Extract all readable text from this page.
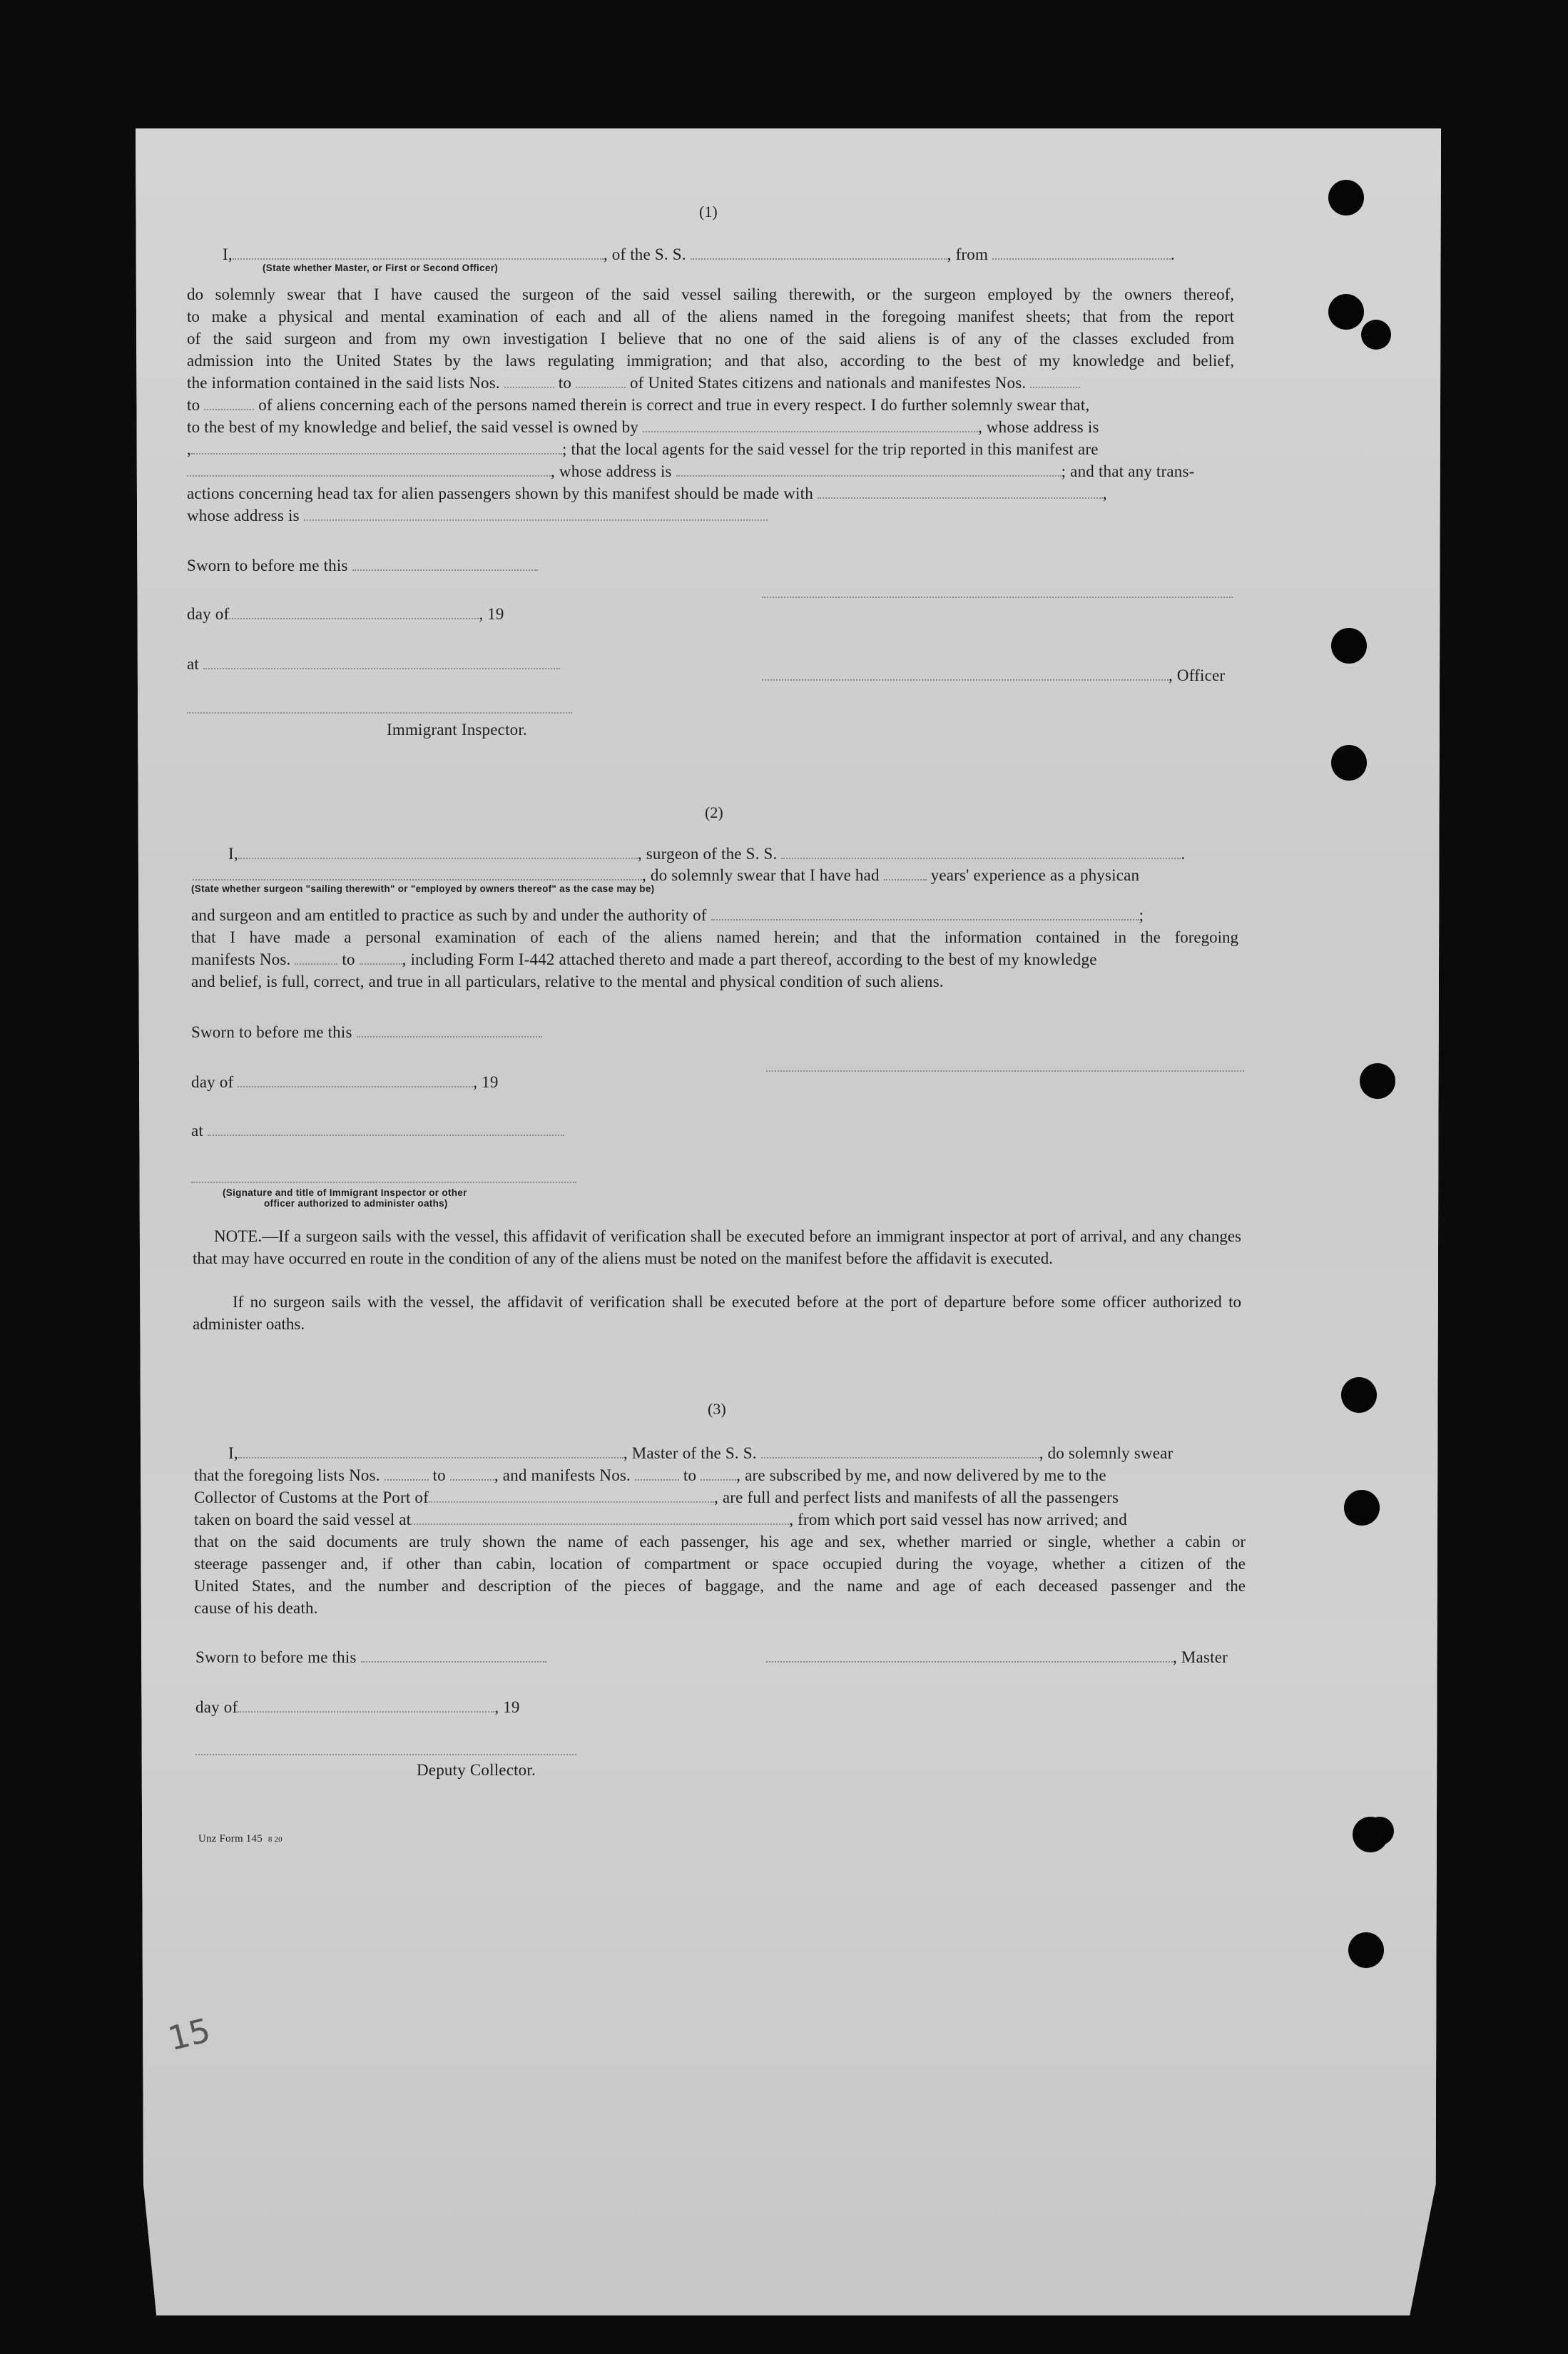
(1)
I,	, of the S. S.	, from	.
(State whether Master, or First or Second Officer)
do solemnly swear that I have caused the surgeon of the said vessel sailing therewith, or the surgeon employed by the owners thereof,
to make a physical and mental examination of each and all of the aliens named in the foregoing manifest sheets; that from the report
of the said surgeon and from my own investigation I believe that no one of the said aliens is of any of the classes excluded from
admission into the United States by the laws regulating immigration; and that also, according to the best of my knowledge and belief,
the information contained in the said lists Nos.	to	of United States citizens and nationals and manifestes Nos.
to	of aliens concerning each of the persons named therein is correct and true in every respect. I do further solemnly swear that,
to the best of my knowledge and belief, the said vessel is owned by	, whose address is
,	; that the local agents for the said vessel for the trip reported in this manifest are
, whose address is	; and that any trans-
actions concerning head tax for alien passengers shown by this manifest should be made with	,
whose address is
Sworn to before me this
day of	, 19
at
, Officer
Immigrant Inspector.
(2)
I,	, surgeon of the S. S.	.
, do solemnly swear that I have had	years' experience as a physican
(State whether surgeon "sailing therewith" or "employed by owners thereof" as the case may be)
and surgeon and am entitled to practice as such by and under the authority of	;
that I have made a personal examination of each of the aliens named herein; and that the information contained in the foregoing
manifests Nos.	to	, including Form I-442 attached thereto and made a part thereof, according to the best of my knowledge
and belief, is full, correct, and true in all particulars, relative to the mental and physical condition of such aliens.
Sworn to before me this
day of	, 19
at
(Signature and title of Immigrant Inspector or other
officer authorized to administer oaths)
NOTE.—If a surgeon sails with the vessel, this affidavit of verification shall be executed before an immigrant inspector at port of arrival, and any changes that may have occurred en route in the condition of any of the aliens must be noted on the manifest before the affidavit is executed.
If no surgeon sails with the vessel, the affidavit of verification shall be executed before at the port of departure before some officer authorized to administer oaths.
(3)
I,	, Master of the S. S.	, do solemnly swear
that the foregoing lists Nos.	to	, and manifests Nos.	to , are subscribed by me, and now delivered by me to the
Collector of Customs at the Port of	, are full and perfect lists and manifests of all the passengers
taken on board the said vessel at	, from which port said vessel has now arrived; and
that on the said documents are truly shown the name of each passenger, his age and sex, whether married or single, whether a cabin or
steerage passenger and, if other than cabin, location of compartment or space occupied during the voyage, whether a citizen of the
United States, and the number and description of the pieces of baggage, and the name and age of each deceased passenger and the
cause of his death.
Sworn to before me this	, Master
day of	, 19
Deputy Collector.
Unz Form 145 8 20
15
